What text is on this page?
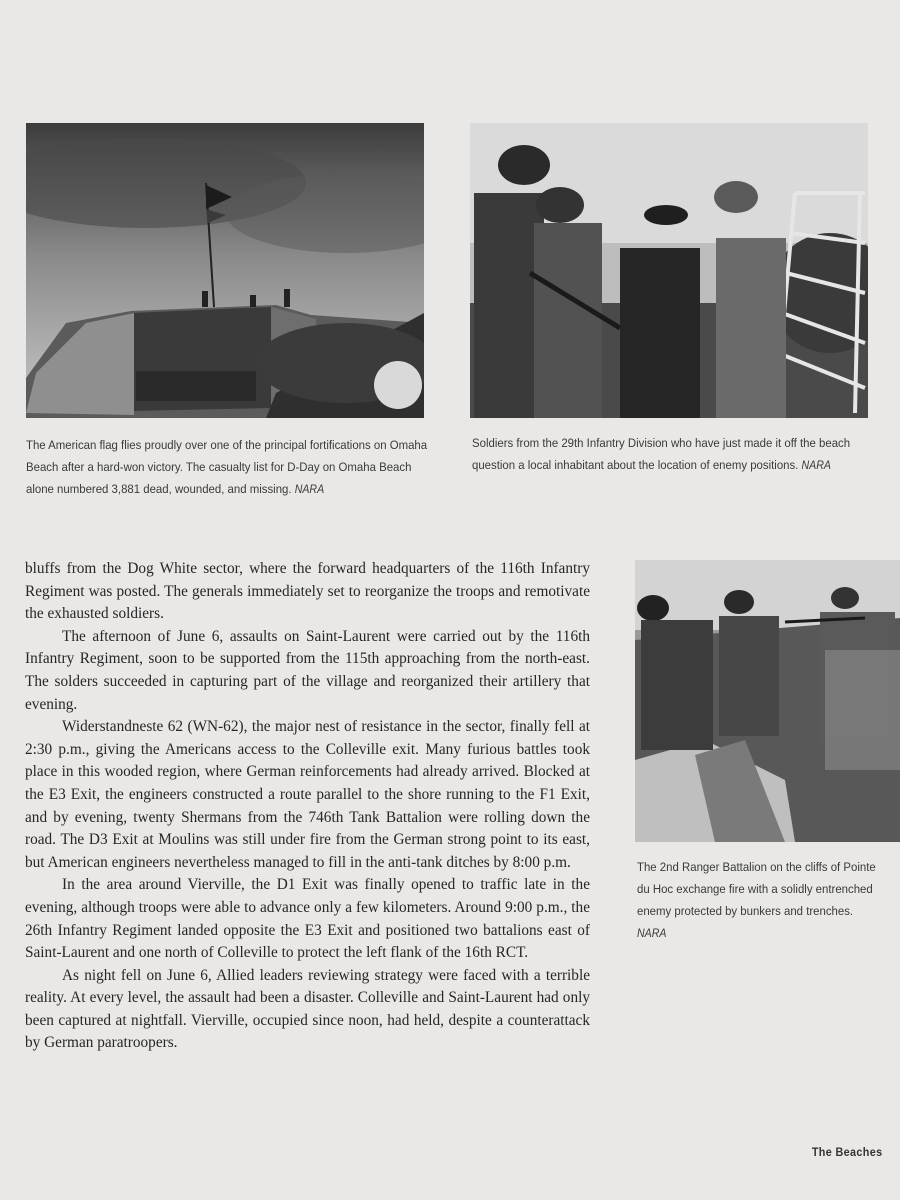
The American flag flies proudly over one of the principal fortifications on Omaha Beach after a hard-won victory. The casualty list for D-Day on Omaha Beach alone numbered 3,881 dead, wounded, and missing. NARA
Soldiers from the 29th Infantry Division who have just made it off the beach question a local inhabitant about the location of enemy positions. NARA
The 2nd Ranger Battalion on the cliffs of Pointe du Hoc exchange fire with a solidly entrenched enemy protected by bunkers and trenches. NARA

bluffs from the Dog White sector, where the forward headquarters of the 116th Infantry Regiment was posted. The generals immediately set to reorganize the troops and remotivate the exhausted soldiers.

The afternoon of June 6, assaults on Saint-Laurent were carried out by the 116th Infantry Regiment, soon to be supported from the 115th approaching from the north-east. The solders succeeded in capturing part of the village and reorganized their artillery that evening.

Widerstandneste 62 (WN-62), the major nest of resistance in the sector, finally fell at 2:30 p.m., giving the Americans access to the Colleville exit. Many furious battles took place in this wooded region, where German reinforcements had already arrived. Blocked at the E3 Exit, the engineers constructed a route parallel to the shore running to the F1 Exit, and by evening, twenty Shermans from the 746th Tank Battalion were rolling down the road. The D3 Exit at Moulins was still under fire from the German strong point to its east, but American engineers nevertheless managed to fill in the anti-tank ditches by 8:00 p.m.

In the area around Vierville, the D1 Exit was finally opened to traffic late in the evening, although troops were able to advance only a few kilometers. Around 9:00 p.m., the 26th Infantry Regiment landed opposite the E3 Exit and positioned two battalions east of Saint-Laurent and one north of Colleville to protect the left flank of the 16th RCT.

As night fell on June 6, Allied leaders reviewing strategy were faced with a terrible reality. At every level, the assault had been a disaster. Colleville and Saint-Laurent had only been captured at nightfall. Vierville, occupied since noon, had held, despite a counterattack by German paratroopers.

The Beaches
